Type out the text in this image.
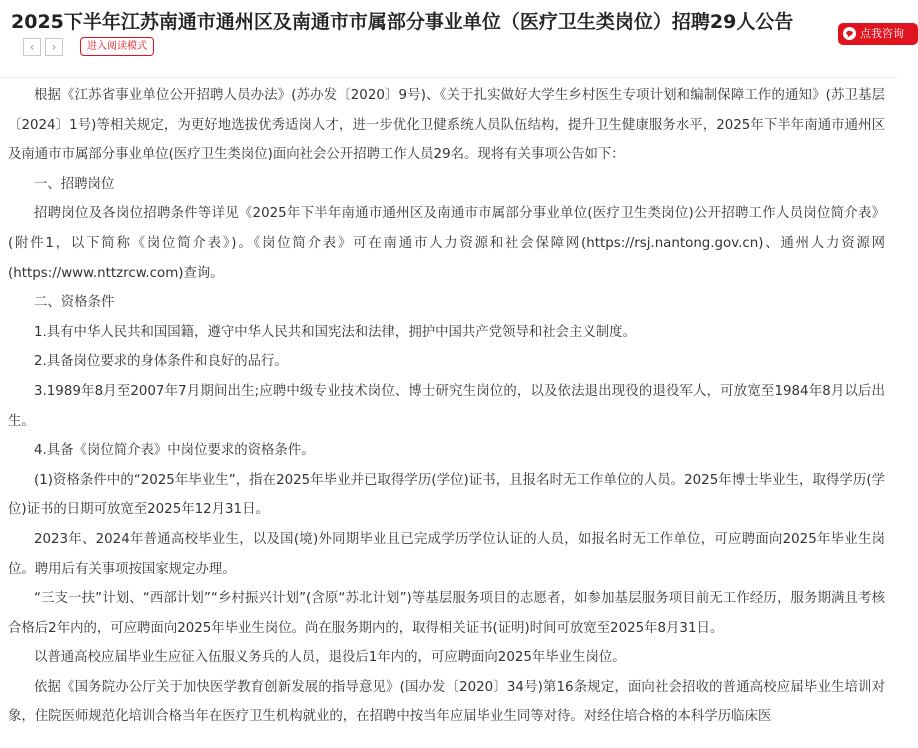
2025下半年江苏南通市通州区及南通市市属部分事业单位（医疗卫生类岗位）招聘29人公告
‹	›	进入阅读模式
点我咨询

根据《江苏省事业单位公开招聘人员办法》(苏办发〔2020〕9号)、《关于扎实做好大学生乡村医生专项计划和编制保障工作的通知》(苏卫基层〔2024〕1号)等相关规定，为更好地选拔优秀适岗人才，进一步优化卫健系统人员队伍结构，提升卫生健康服务水平，2025年下半年南通市通州区及南通市市属部分事业单位(医疗卫生类岗位)面向社会公开招聘工作人员29名。现将有关事项公告如下：

一、招聘岗位

招聘岗位及各岗位招聘条件等详见《2025年下半年南通市通州区及南通市市属部分事业单位(医疗卫生类岗位)公开招聘工作人员岗位简介表》(附件1，以下简称《岗位简介表》)。《岗位简介表》可在南通市人力资源和社会保障网(https://rsj.nantong.gov.cn)、通州人力资源网(https://www.nttzrcw.com)查询。

二、资格条件

1.具有中华人民共和国国籍，遵守中华人民共和国宪法和法律，拥护中国共产党领导和社会主义制度。

2.具备岗位要求的身体条件和良好的品行。

3.1989年8月至2007年7月期间出生;应聘中级专业技术岗位、博士研究生岗位的，以及依法退出现役的退役军人，可放宽至1984年8月以后出生。

4.具备《岗位简介表》中岗位要求的资格条件。

(1)资格条件中的“2025年毕业生”，指在2025年毕业并已取得学历(学位)证书，且报名时无工作单位的人员。2025年博士毕业生，取得学历(学位)证书的日期可放宽至2025年12月31日。

2023年、2024年普通高校毕业生，以及国(境)外同期毕业且已完成学历学位认证的人员，如报名时无工作单位，可应聘面向2025年毕业生岗位。聘用后有关事项按国家规定办理。

“三支一扶”计划、“西部计划”“乡村振兴计划”(含原“苏北计划”)等基层服务项目的志愿者，如参加基层服务项目前无工作经历，服务期满且考核合格后2年内的，可应聘面向2025年毕业生岗位。尚在服务期内的，取得相关证书(证明)时间可放宽至2025年8月31日。

以普通高校应届毕业生应征入伍服义务兵的人员，退役后1年内的，可应聘面向2025年毕业生岗位。

依据《国务院办公厅关于加快医学教育创新发展的指导意见》(国办发〔2020〕34号)第16条规定，面向社会招收的普通高校应届毕业生培训对象，住院医师规范化培训合格当年在医疗卫生机构就业的，在招聘中按当年应届毕业生同等对待。对经住培合格的本科学历临床医
